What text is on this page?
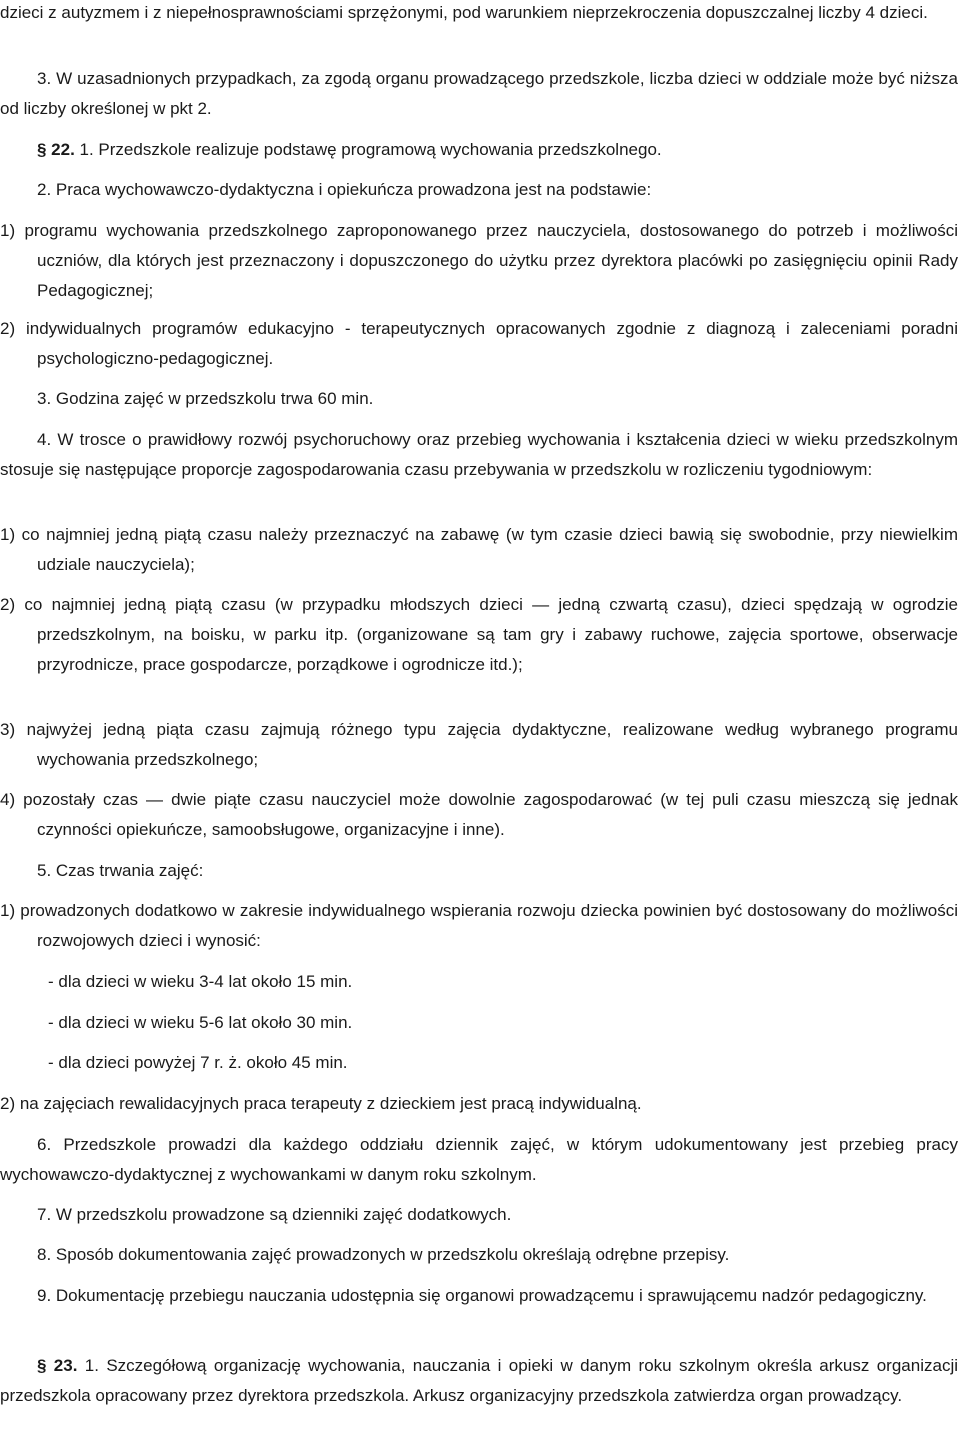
dzieci z autyzmem i z niepełnosprawnościami sprzężonymi, pod warunkiem nieprzekroczenia dopuszczalnej liczby 4 dzieci.

3. W uzasadnionych przypadkach, za zgodą organu prowadzącego przedszkole, liczba dzieci w oddziale może być niższa od liczby określonej w pkt 2.

§ 22. 1. Przedszkole realizuje podstawę programową wychowania przedszkolnego.

2. Praca wychowawczo-dydaktyczna i opiekuńcza prowadzona jest na podstawie:

1) programu wychowania przedszkolnego zaproponowanego przez nauczyciela, dostosowanego do potrzeb i możliwości uczniów, dla których jest przeznaczony i dopuszczonego do użytku przez dyrektora placówki po zasięgnięciu opinii Rady Pedagogicznej;

2) indywidualnych programów edukacyjno - terapeutycznych opracowanych zgodnie z diagnozą i zaleceniami poradni psychologiczno-pedagogicznej.

3. Godzina zajęć w przedszkolu trwa 60 min.

4. W trosce o prawidłowy rozwój psychoruchowy oraz przebieg wychowania i kształcenia dzieci w wieku przedszkolnym stosuje się następujące proporcje zagospodarowania czasu przebywania w przedszkolu w rozliczeniu tygodniowym:

1) co najmniej jedną piątą czasu należy przeznaczyć na zabawę (w tym czasie dzieci bawią się swobodnie, przy niewielkim udziale nauczyciela);

2) co najmniej jedną piątą czasu (w przypadku młodszych dzieci — jedną czwartą czasu), dzieci spędzają w ogrodzie przedszkolnym, na boisku, w parku itp. (organizowane są tam gry i zabawy ruchowe, zajęcia sportowe, obserwacje przyrodnicze, prace gospodarcze, porządkowe i ogrodnicze itd.);

3) najwyżej jedną piąta czasu zajmują różnego typu zajęcia dydaktyczne, realizowane według wybranego programu wychowania przedszkolnego;

4) pozostały czas — dwie piąte czasu nauczyciel może dowolnie zagospodarować (w tej puli czasu mieszczą się jednak czynności opiekuńcze, samoobsługowe, organizacyjne i inne).

5. Czas trwania zajęć:

1) prowadzonych dodatkowo w zakresie indywidualnego wspierania rozwoju dziecka powinien być dostosowany do możliwości rozwojowych dzieci i wynosić:

- dla dzieci w wieku 3-4 lat około 15 min.

- dla dzieci w wieku 5-6 lat około 30 min.

- dla dzieci powyżej 7 r. ż. około 45 min.

2) na zajęciach rewalidacyjnych praca terapeuty z dzieckiem jest pracą indywidualną.

6. Przedszkole prowadzi dla każdego oddziału dziennik zajęć, w którym udokumentowany jest przebieg pracy wychowawczo-dydaktycznej z wychowankami w danym roku szkolnym.

7. W przedszkolu prowadzone są dzienniki zajęć dodatkowych.

8. Sposób dokumentowania zajęć prowadzonych w przedszkolu określają odrębne przepisy.

9. Dokumentację przebiegu nauczania udostępnia się organowi prowadzącemu i sprawującemu nadzór pedagogiczny.

§ 23. 1. Szczegółową organizację wychowania, nauczania i opieki w danym roku szkolnym określa arkusz organizacji przedszkola opracowany przez dyrektora przedszkola. Arkusz organizacyjny przedszkola zatwierdza organ prowadzący.
